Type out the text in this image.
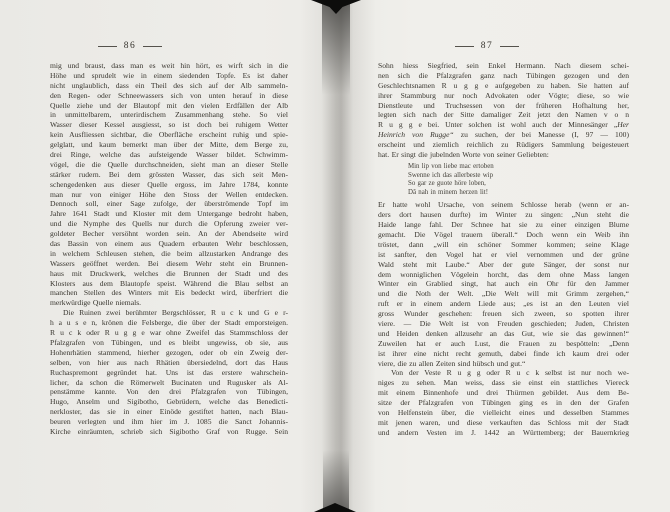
86
mig und braust, dass man es weit hin hört, es wirft sich in die
Höhe und sprudelt wie in einem siedenden Topfe. Es ist daher
nicht unglaublich, dass ein Theil des sich auf der Alb sammeln-
den Regen- oder Schneewassers sich von unten herauf in diese
Quelle ziehe und der Blautopf mit den vielen Erdfällen der Alb
in unmittelbarem, unterirdischem Zusammenhang stehe. So viel
Wasser dieser Kessel ausgiesst, so ist doch bei ruhigem Wetter
kein Ausfliessen sichtbar, die Oberfläche erscheint ruhig und spie-
gelglatt, und kaum bemerkt man über der Mitte, dem Berge zu,
drei Ringe, welche das aufsteigende Wasser bildet. Schwimm-
vögel, die die Quelle durchschneiden, sieht man an dieser Stelle
stärker rudern. Bei dem grössten Wasser, das sich seit Men-
schengedenken aus dieser Quelle ergoss, im Jahre 1784, konnte
man nur von einiger Höhe den Stoss der Wellen entdecken.
Dennoch soll, einer Sage zufolge, der überströmende Topf im
Jahre 1641 Stadt und Kloster mit dem Untergange bedroht haben,
und die Nymphe des Quells nur durch die Opferung zweier ver-
goldeter Becher versöhnt worden sein. An der Abendseite wird
das Bassin von einem aus Quadern erbauten Wehr beschlossen,
in welchem Schleusen stehen, die beim allzustarken Andrange des
Wassers geöffnet werden. Bei diesem Wehr steht ein Brunnen-
haus mit Druckwerk, welches die Brunnen der Stadt und des
Klosters aus dem Blautopfe speist. Während die Blau selbst an
manchen Stellen des Winters mit Eis bedeckt wird, überfriert die
merkwürdige Quelle niemals.
Die Ruinen zwei berühmter Bergschlösser, R u c k und G e r-
h a u s e n, krönen die Felsberge, die über der Stadt emporsteigen.
R u c k oder R u g g e war ohne Zweifel das Stammschloss der
Pfalzgrafen von Tübingen, und es bleibt ungewiss, ob sie, aus
Hohenrhätien stammend, hierher gezogen, oder ob ein Zweig der-
selben, von hier aus nach Rhätien übersiedelnd, dort das Haus
Ruchaspremont gegründet hat. Uns ist das erstere wahrschein-
licher, da schon die Römerwelt Bucinaten und Rugusker als Al-
penstämme kannte. Von den drei Pfalzgrafen von Tübingen,
Hugo, Anselm und Sigibotho, Gebrüdern, welche das Benedicti-
nerkloster, das sie in einer Einöde gestiftet hatten, nach Blau-
beuren verlegten und ihm hier im J. 1085 die Sanct Johannis-
Kirche einräumten, schrieb sich Sigibotho Graf von Rugge. Sein
87
Sohn hiess Siegfried, sein Enkel Hermann. Nach diesem schei-
nen sich die Pfalzgrafen ganz nach Tübingen gezogen und den
Geschlechtsnamen R u g g e aufgegeben zu haben. Sie hatten auf
ihrer Stammburg nur noch Advokaten oder Vögte; diese, so wie
Dienstleute und Truchsessen von der früheren Hofhaltung her,
legten sich nach der Sitte damaliger Zeit jetzt den Namen v o n
R u g g e bei. Unter solchen ist wohl auch der Minnesänger „Her
Heinrich von Rugge“ zu suchen, der bei Manesse (I, 97 — 100)
erscheint und ziemlich reichlich zu Rüdigers Sammlung beigesteuert
hat. Er singt die jubelnden Worte von seiner Geliebten:
Min lip von liebe mac ertoben
Swenne ich das allerbeste wip
So gar ze guote höre loben,
Dâ nah in minem herzen lit!
Er hatte wohl Ursache, von seinem Schlosse herab (wenn er an-
ders dort hausen durfte) im Winter zu singen: „Nun steht die
Haide lange fahl. Der Schnee hat sie zu einer einzigen Blume
gemacht. Die Vögel trauern überall.“ Doch wenn ein Weib ihn
tröstet, dann „will ein schöner Sommer kommen; seine Klage
ist sanfter, den Vogel hat er viel vernommen und der grüne
Wald steht mit Laube.“ Aber der gute Sänger, der sonst nur
dem wonniglichen Vögelein horcht, das dem ohne Mass langen
Winter ein Grablied singt, hat auch ein Ohr für den Jammer
und die Noth der Welt. „Die Welt will mit Grimm zergehen,“
ruft er in einem andern Liede aus; „es ist an den Leuten viel
gross Wunder geschehen: freuen sich zween, so spotten ihrer
viere. — Die Welt ist von Freuden geschieden; Juden, Christen
und Heiden denken allzusehr an das Gut, wie sie das gewinnen!“
Zuweilen hat er auch Lust, die Frauen zu bespötteln: „Denn
ist ihrer eine nicht recht gemuth, dabei finde ich kaum drei oder
viere, die zu allen Zeiten sind hübsch und gut.“
Von der Veste R u g g oder R u c k selbst ist nur noch we-
niges zu sehen. Man weiss, dass sie einst ein stattliches Viereck
mit einem Binnenhofe und drei Thürmen gebildet. Aus dem Be-
sitze der Pfalzgrafen von Tübingen ging es in den der Grafen
von Helfenstein über, die vielleicht eines und desselben Stammes
mit jenen waren, und diese verkauften das Schloss mit der Stadt
und andern Vesten im J. 1442 an Württemberg; der Bauernkrieg
